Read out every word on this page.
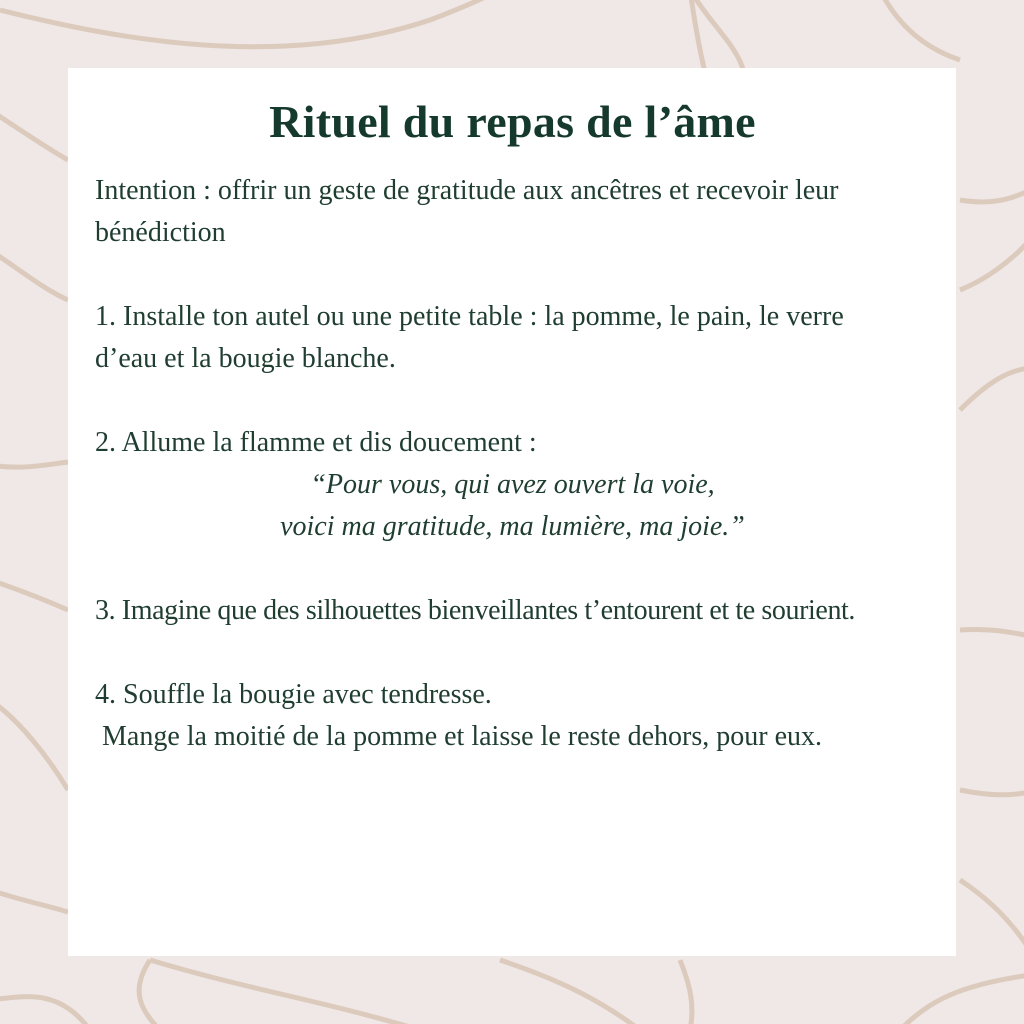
Rituel du repas de l’âme

Intention : offrir un geste de gratitude aux ancêtres et recevoir leur
bénédiction

1. Installe ton autel ou une petite table : la pomme, le pain, le verre
d’eau et la bougie blanche.

2. Allume la flamme et dis doucement :

“Pour vous, qui avez ouvert la voie,
voici ma gratitude, ma lumière, ma joie.”

3. Imagine que des silhouettes bienveillantes t’entourent et te sourient.

4. Souffle la bougie avec tendresse.
Mange la moitié de la pomme et laisse le reste dehors, pour eux.
